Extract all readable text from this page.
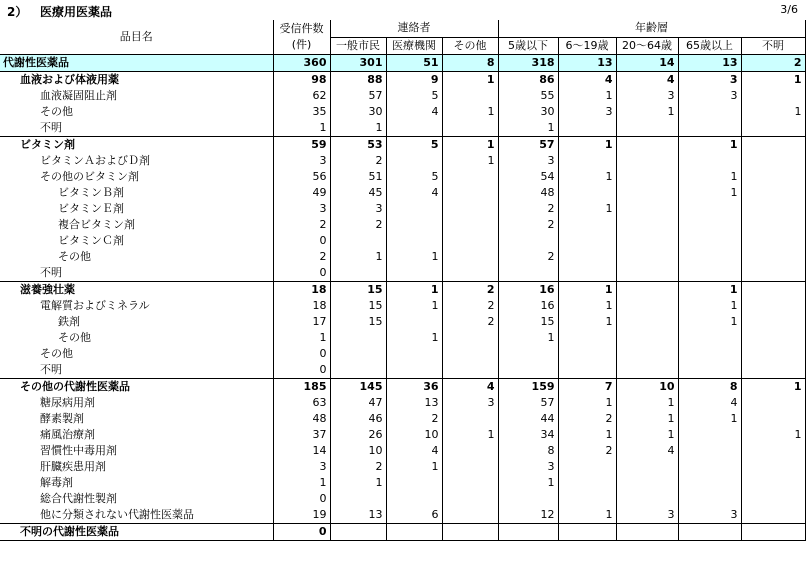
2） 医療用医薬品	3/6
品目名	受信件数
(件)	連絡者			年齢層				
		一般市民	医療機関	その他	5歳以下	6～19歳	20～64歳	65歳以上	不明
代謝性医薬品	360	301	51	8	318	13	14	13	2
血液および体液用薬	98	88	9	1	86	4	4	3	1
血液凝固阻止剤	62	57	5		55	1	3	3	
その他	35	30	4	1	30	3	1		1
不明	1	1			1				
ビタミン剤	59	53	5	1	57	1		1	
ビタミンＡおよびＤ剤	3	2		1	3				
その他のビタミン剤	56	51	5		54	1		1	
ビタミンＢ剤	49	45	4		48			1	
ビタミンＥ剤	3	3			2	1			
複合ビタミン剤	2	2			2				
ビタミンＣ剤	0								
その他	2	1	1		2				
不明	0								
滋養強壮薬	18	15	1	2	16	1		1	
電解質およびミネラル	18	15	1	2	16	1		1	
鉄剤	17	15		2	15	1		1	
その他	1		1		1				
その他	0								
不明	0								
その他の代謝性医薬品	185	145	36	4	159	7	10	8	1
糖尿病用剤	63	47	13	3	57	1	1	4	
酵素製剤	48	46	2		44	2	1	1	
痛風治療剤	37	26	10	1	34	1	1		1
習慣性中毒用剤	14	10	4		8	2	4		
肝臓疾患用剤	3	2	1		3				
解毒剤	1	1			1				
総合代謝性製剤	0								
他に分類されない代謝性医薬品	19	13	6		12	1	3	3	
不明の代謝性医薬品	0								
